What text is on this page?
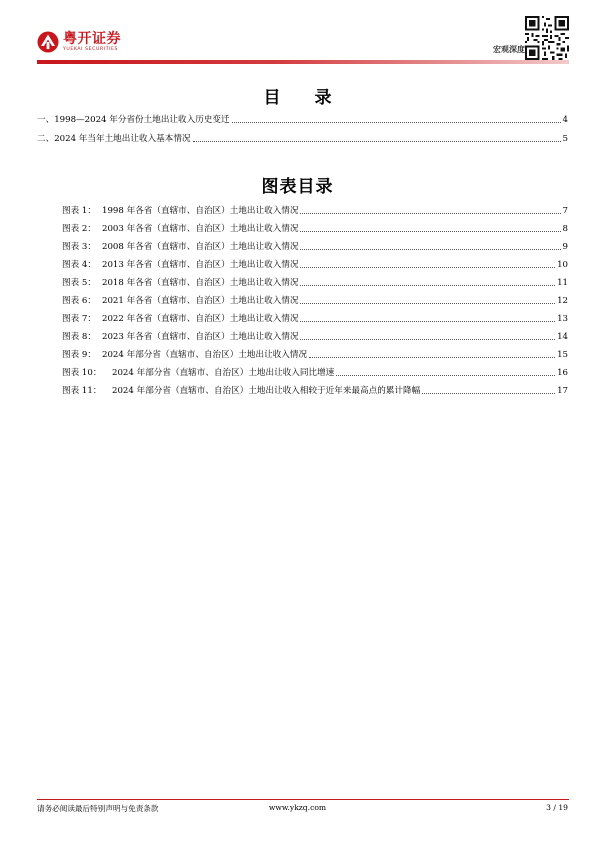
粤开证券
YUEKAI SECURITIES	宏观深度
目 录
一、1998—2024 年分省份土地出让收入历史变迁	4
二、2024 年当年土地出让收入基本情况	5
图表目录
图表 1： 1998 年各省（直辖市、自治区）土地出让收入情况	7
图表 2： 2003 年各省（直辖市、自治区）土地出让收入情况	8
图表 3： 2008 年各省（直辖市、自治区）土地出让收入情况	9
图表 4： 2013 年各省（直辖市、自治区）土地出让收入情况	10
图表 5： 2018 年各省（直辖市、自治区）土地出让收入情况	11
图表 6： 2021 年各省（直辖市、自治区）土地出让收入情况	12
图表 7： 2022 年各省（直辖市、自治区）土地出让收入情况	13
图表 8： 2023 年各省（直辖市、自治区）土地出让收入情况	14
图表 9： 2024 年部分省（直辖市、自治区）土地出让收入情况	15
图表 10： 2024 年部分省（直辖市、自治区）土地出让收入同比增速	16
图表 11： 2024 年部分省（直辖市、自治区）土地出让收入相较于近年来最高点的累计降幅	17
请务必阅读最后特别声明与免责条款	www.ykzq.com	3 / 19
